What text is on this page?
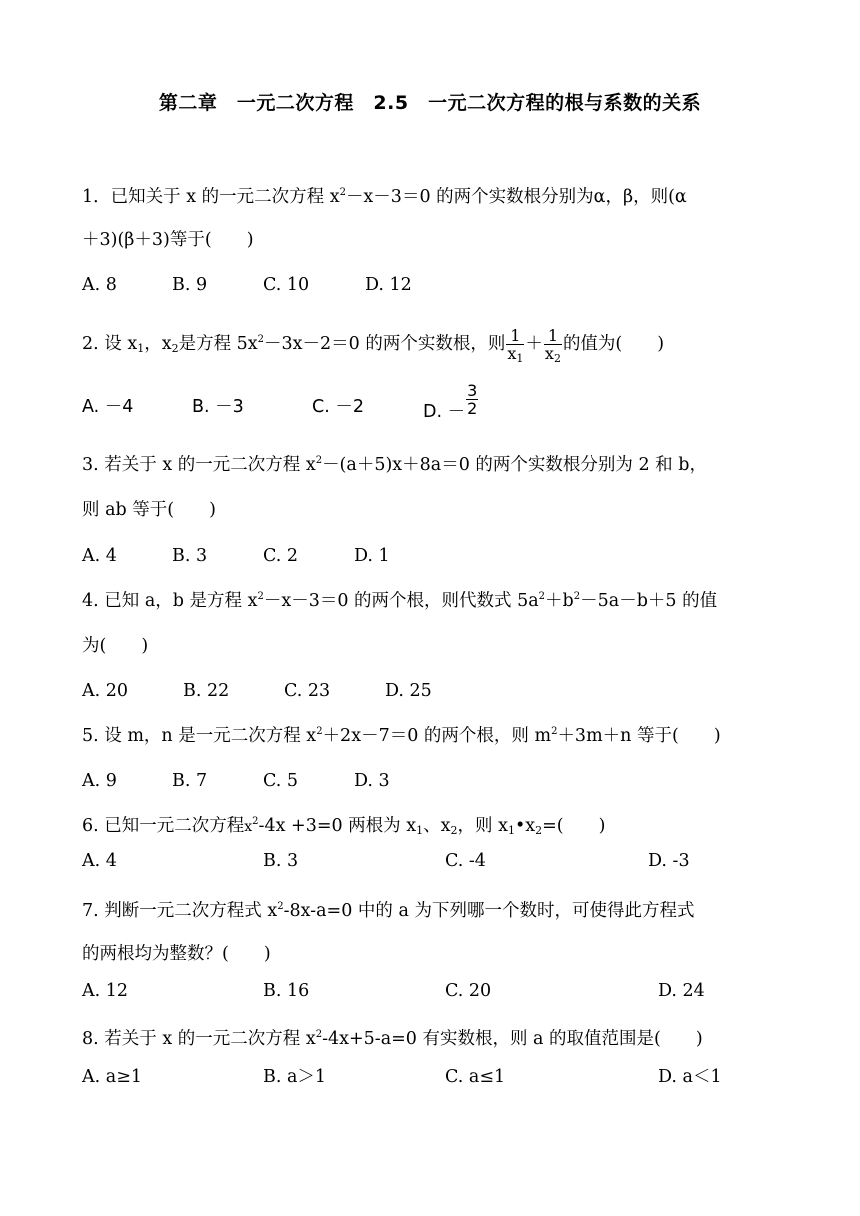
第二章　一元二次方程　2.5　一元二次方程的根与系数的关系
1．已知关于 x 的一元二次方程 $x^2-x-3=0$ 的两个实数根分别为α，β，则(α
＋3)(β＋3)等于(　　)
A. 8	B. 9	C. 10	D. 12
2. 设 $x_1$，$x_2$是方程 $5x^2-3x-2=0$ 的两个实数根，则 $\frac{1}{x_1} + \frac{1}{x_2}$ 的值为(　　)
A. －4	B. －3	C. －2	D. － $\frac{3}{2}$
3. 若关于 x 的一元二次方程 $x^2-(a+5)x+8a=0$ 的两个实数根分别为 2 和 b，
则 ab 等于(　　)
A. 4	B. 3	C. 2	D. 1
4. 已知 a，b 是方程 $x^2-x-3=0$ 的两个根，则代数式 $5a^2+b^2-5a-b+5$ 的值
为(　　)
A. 20	B. 22	C. 23	D. 25
5. 设 m，n 是一元二次方程 $x^2+2x-7=0$ 的两个根，则 $m^2+3m+n$ 等于(　　)
A. 9	B. 7	C. 5	D. 3
6. 已知一元二次方程$x^2-4x +3=0$ 两根为 $x_1$、$x_2$，则 $x_1•x_2=$(　　)
A. 4	B. 3	C. -4	D. -3
7. 判断一元二次方程式 $x^2-8x-a=0$ 中的 a 为下列哪一个数时，可使得此方程式
的两根均为整数？(　　)
A. 12	B. 16	C. 20	D. 24
8. 若关于 x 的一元二次方程 $x^2-4x+5-a=0$ 有实数根，则 a 的取值范围是(　　)
A. a≥1	B. a＞1	C. a≤1	D. a＜1
